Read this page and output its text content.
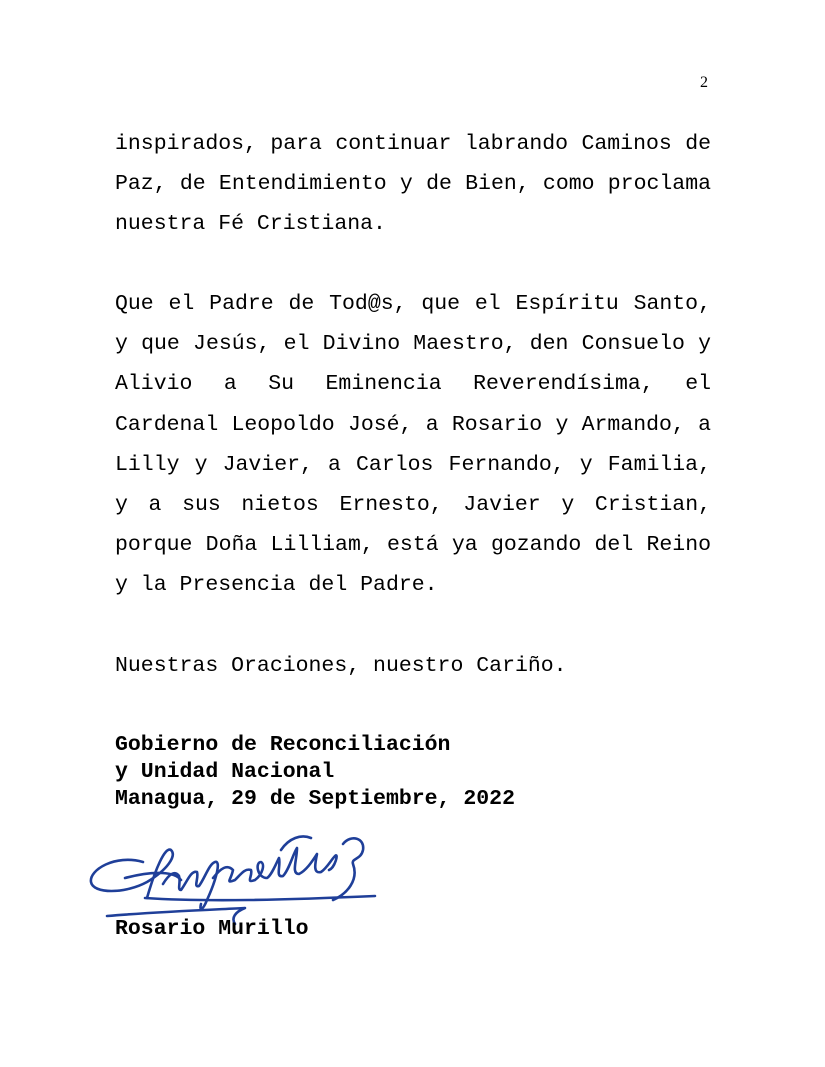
2

inspirados, para continuar labrando Caminos de Paz, de Entendimiento y de Bien, como proclama nuestra Fé Cristiana.

Que el Padre de Tod@s, que el Espíritu Santo, y que Jesús, el Divino Maestro, den Consuelo y Alivio a Su Eminencia Reverendísima, el Cardenal Leopoldo José, a Rosario y Armando, a Lilly y Javier, a Carlos Fernando, y Familia, y a sus nietos Ernesto, Javier y Cristian, porque Doña Lilliam, está ya gozando del Reino y la Presencia del Padre.

Nuestras Oraciones, nuestro Cariño.

Gobierno de Reconciliación
y Unidad Nacional
Managua, 29 de Septiembre, 2022
Rosario Murillo
